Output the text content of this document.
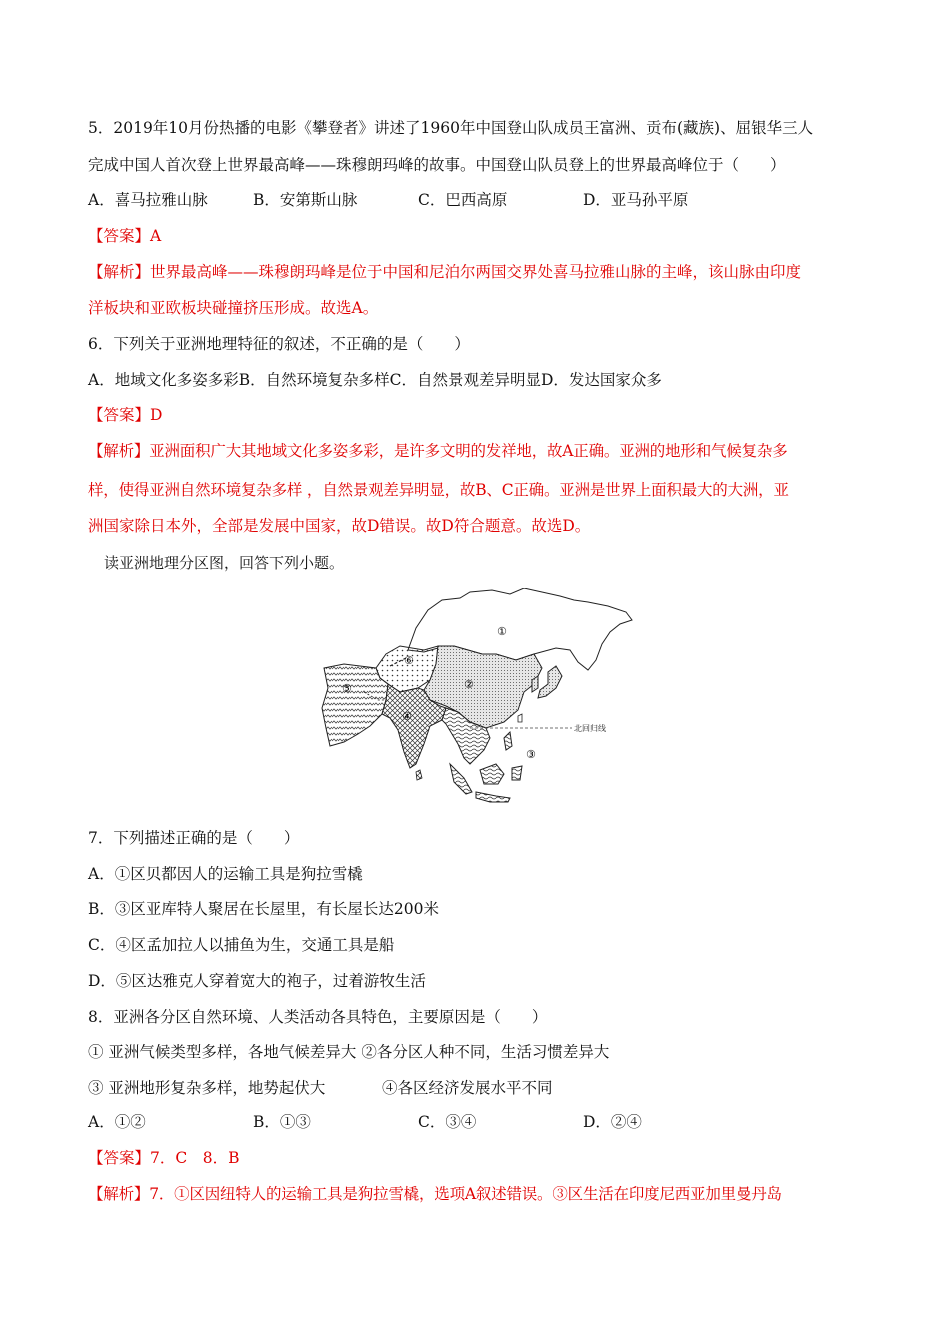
5．2019年10月份热播的电影《攀登者》讲述了1960年中国登山队成员王富洲、贡布(藏族)、屈银华三人
完成中国人首次登上世界最高峰——珠穆朗玛峰的故事。中国登山队员登上的世界最高峰位于（　　）
A．喜马拉雅山脉	B．安第斯山脉	C．巴西高原	D．亚马孙平原
【答案】A
【解析】世界最高峰——珠穆朗玛峰是位于中国和尼泊尔两国交界处喜马拉雅山脉的主峰，该山脉由印度
洋板块和亚欧板块碰撞挤压形成。故选A。
6．下列关于亚洲地理特征的叙述，不正确的是（　　）
A．地域文化多姿多彩B．自然环境复杂多样C．自然景观差异明显D．发达国家众多
【答案】D
【解析】亚洲面积广大其地域文化多姿多彩，是许多文明的发祥地，故A正确。亚洲的地形和气候复杂多
样，使得亚洲自然环境复杂多样 ，自然景观差异明显，故B、C正确。亚洲是世界上面积最大的大洲，亚
洲国家除日本外，全部是发展中国家，故D错误。故D符合题意。故选D。
读亚洲地理分区图，回答下列小题。
北回归线
①
②
③
④
⑤
⑥
7．下列描述正确的是（　　）
A．①区贝都因人的运输工具是狗拉雪橇
B．③区亚库特人聚居在长屋里，有长屋长达200米
C．④区孟加拉人以捕鱼为生，交通工具是船
D．⑤区达雅克人穿着宽大的袍子，过着游牧生活
8．亚洲各分区自然环境、人类活动各具特色，主要原因是（　　）
① 亚洲气候类型多样，各地气候差异大 ②各分区人种不同，生活习惯差异大
③ 亚洲地形复杂多样，地势起伏大	④各区经济发展水平不同
A．①②	B．①③	C．③④	D．②④
【答案】7．C　8．B
【解析】7．①区因纽特人的运输工具是狗拉雪橇，选项A叙述错误。③区生活在印度尼西亚加里曼丹岛
